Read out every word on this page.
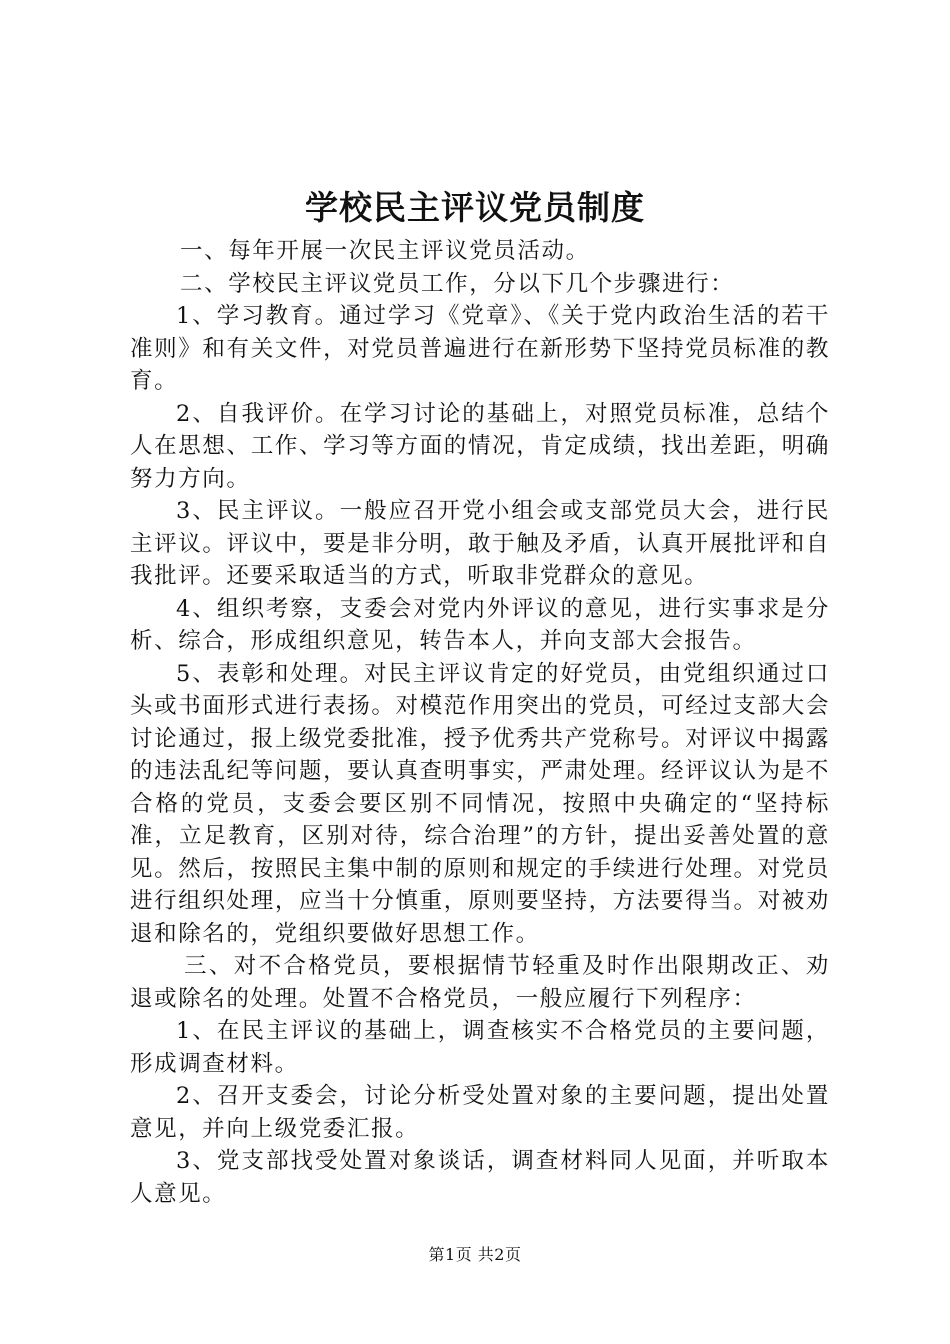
学校民主评议党员制度

一、每年开展一次民主评议党员活动。

二、学校民主评议党员工作，分以下几个步骤进行：

1、学习教育。通过学习《党章》、《关于党内政治生活的若干准则》和有关文件，对党员普遍进行在新形势下坚持党员标准的教育。

2、自我评价。在学习讨论的基础上，对照党员标准，总结个人在思想、工作、学习等方面的情况，肯定成绩，找出差距，明确努力方向。

3、民主评议。一般应召开党小组会或支部党员大会，进行民主评议。评议中，要是非分明，敢于触及矛盾，认真开展批评和自我批评。还要采取适当的方式，听取非党群众的意见。

4、组织考察，支委会对党内外评议的意见，进行实事求是分析、综合，形成组织意见，转告本人，并向支部大会报告。

5、表彰和处理。对民主评议肯定的好党员，由党组织通过口头或书面形式进行表扬。对模范作用突出的党员，可经过支部大会讨论通过，报上级党委批准，授予优秀共产党称号。对评议中揭露的违法乱纪等问题，要认真查明事实，严肃处理。经评议认为是不合格的党员，支委会要区别不同情况，按照中央确定的“坚持标准，立足教育，区别对待，综合治理”的方针，提出妥善处置的意见。然后，按照民主集中制的原则和规定的手续进行处理。对党员进行组织处理，应当十分慎重，原则要坚持，方法要得当。对被劝退和除名的，党组织要做好思想工作。

三、对不合格党员，要根据情节轻重及时作出限期改正、劝退或除名的处理。处置不合格党员，一般应履行下列程序：

1、在民主评议的基础上，调查核实不合格党员的主要问题，形成调查材料。

2、召开支委会，讨论分析受处置对象的主要问题，提出处置意见，并向上级党委汇报。

3、党支部找受处置对象谈话，调查材料同人见面，并听取本人意见。

第1页 共2页
